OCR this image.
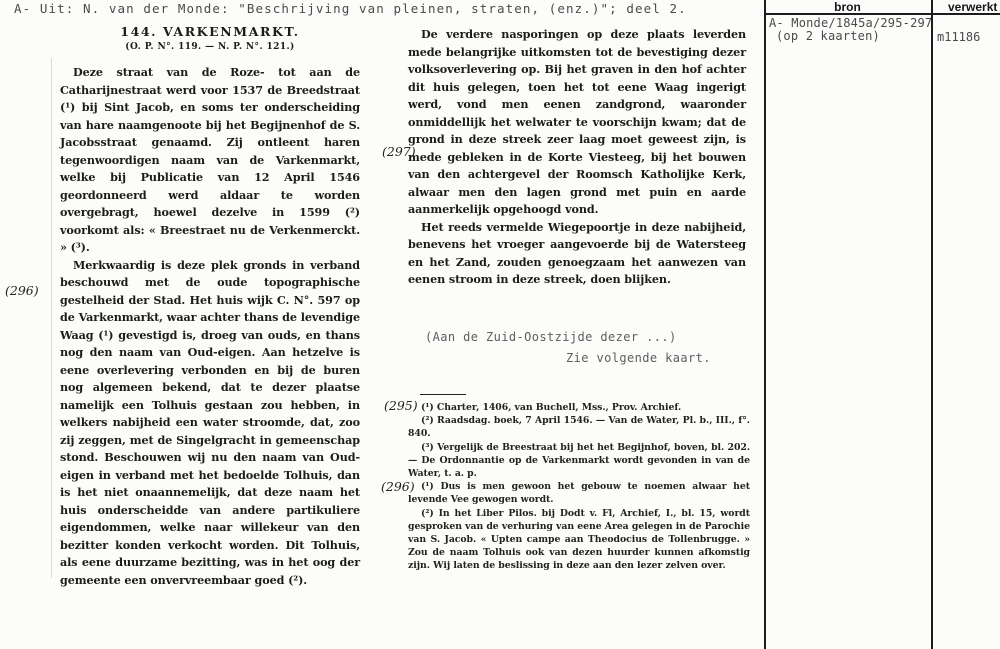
A- Uit: N. van der Monde: "Beschrijving van pleinen, straten, (enz.)"; deel 2.	bron	verwerkt
A- Monde/1845a/295-297
(op 2 kaarten)	m11186
144. VARKENMARKT.
(O. P. N°. 119. — N. P. N°. 121.)

Deze straat van de Roze- tot aan de Catharijnestraat werd voor 1537 de Breedstraat (¹) bij Sint Jacob, en soms ter onderscheiding van hare naamgenoote bij het Begijnenhof de S. Jacobsstraat genaamd. Zij ontleent haren tegenwoordigen naam van de Varkenmarkt, welke bij Publicatie van 12 April 1546 geordonneerd werd aldaar te worden overgebragt, hoewel dezelve in 1599 (²) voorkomt als: « Breestraet nu de Verkenmerckt. » (³).

Merkwaardig is deze plek gronds in verband beschouwd met de oude topographische gestelheid der Stad. Het huis wijk C. N°. 597 op de Varkenmarkt, waar achter thans de levendige Waag (¹) gevestigd is, droeg van ouds, en thans nog den naam van Oud-eigen. Aan hetzelve is eene overlevering verbonden en bij de buren nog algemeen bekend, dat te dezer plaatse namelijk een Tolhuis gestaan zou hebben, in welkers nabijheid een water stroomde, dat, zoo zij zeggen, met de Singelgracht in gemeenschap stond. Beschouwen wij nu den naam van Oud-eigen in verband met het bedoelde Tolhuis, dan is het niet onaannemelijk, dat deze naam het huis onderscheidde van andere partikuliere eigendommen, welke naar willekeur van den bezitter konden verkocht worden. Dit Tolhuis, als eene duurzame bezitting, was in het oog der gemeente een onvervreembaar goed (²).

De verdere nasporingen op deze plaats leverden mede belangrijke uitkomsten tot de bevestiging dezer volksoverlevering op. Bij het graven in den hof achter dit huis gelegen, toen het tot eene Waag ingerigt werd, vond men eenen zandgrond, waaronder onmiddellijk het welwater te voorschijn kwam; dat de grond in deze streek zeer laag moet geweest zijn, is mede gebleken in de Korte Viesteeg, bij het bouwen van den achtergevel der Roomsch Katholijke Kerk, alwaar men den lagen grond met puin en aarde aanmerkelijk opgehoogd vond.

Het reeds vermelde Wiegepoortje in deze nabijheid, benevens het vroeger aangevoerde bij de Watersteeg en het Zand, zouden genoegzaam het aanwezen van eenen stroom in deze streek, doen blijken.

(Aan de Zuid-Oostzijde dezer ...)
Zie volgende kaart.

(¹) Charter, 1406, van Buchell, Mss., Prov. Archief.

(²) Raadsdag. boek, 7 April 1546. — Van de Water, Pl. b., III., f°. 840.

(³) Vergelijk de Breestraat bij het het Begijnhof, boven, bl. 202. — De Ordonnantie op de Varkenmarkt wordt gevonden in van de Water, t. a. p.

(¹) Dus is men gewoon het gebouw te noemen alwaar het levende Vee gewogen wordt.

(²) In het Liber Pilos. bij Dodt v. Fl, Archief, I., bl. 15, wordt gesproken van de verhuring van eene Area gelegen in de Parochie van S. Jacob. « Upten campe aan Theodocius de Tollenbrugge. » Zou de naam Tolhuis ook van dezen huurder kunnen afkomstig zijn. Wij laten de beslissing in deze aan den lezer zelven over.

(296)
(297)
(295)
(296)
